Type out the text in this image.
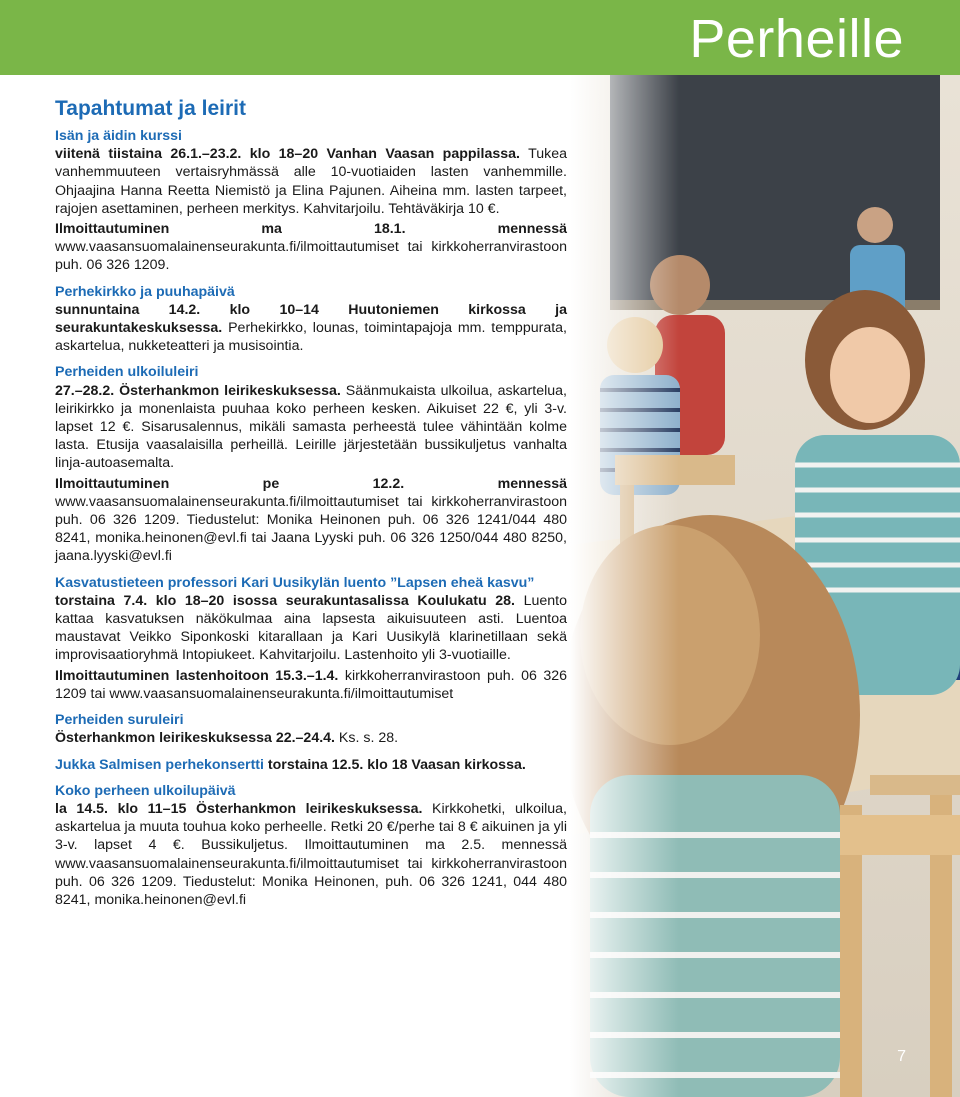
Perheille
7
Tapahtumat ja leirit

Isän ja äidin kurssi

viitenä tiistaina 26.1.–23.2. klo 18–20 Vanhan Vaasan pappilassa. Tukea vanhemmuuteen vertaisryhmässä alle 10-vuotiaiden lasten vanhemmille. Ohjaajina Hanna Reetta Niemistö ja Elina Pajunen. Aiheina mm. lasten tarpeet, rajojen asettaminen, perheen merkitys. Kahvitarjoilu. Tehtäväkirja 10 €.

Ilmoittautuminen ma 18.1. mennessä www.vaasansuomalainenseurakunta.fi/ilmoittautumiset tai kirkkoherranvirastoon puh. 06 326 1209.

Perhekirkko ja puuhapäivä

sunnuntaina 14.2. klo 10–14 Huutoniemen kirkossa ja seurakuntakeskuksessa. Perhekirkko, lounas, toimintapajoja mm. temppurata, askartelua, nukketeatteri ja musisointia.

Perheiden ulkoiluleiri

27.–28.2. Österhankmon leirikeskuksessa. Säänmukaista ulkoilua, askartelua, leirikirkko ja monenlaista puuhaa koko perheen kesken. Aikuiset 22 €, yli 3-v. lapset 12 €. Sisarusalennus, mikäli samasta perheestä tulee vähintään kolme lasta. Etusija vaasalaisilla perheillä. Leirille järjestetään bussikuljetus vanhalta linja-autoasemalta.

Ilmoittautuminen pe 12.2. mennessä www.vaasansuomalainenseurakunta.fi/ilmoittautumiset tai kirkkoherranvirastoon puh. 06 326 1209. Tiedustelut: Monika Heinonen puh. 06 326 1241/044 480 8241, monika.heinonen@evl.fi tai Jaana Lyyski puh. 06 326 1250/044 480 8250, jaana.lyyski@evl.fi

Kasvatustieteen professori Kari Uusikylän luento ”Lapsen eheä kasvu”

torstaina 7.4. klo 18–20 isossa seurakuntasalissa Koulukatu 28. Luento kattaa kasvatuksen näkökulmaa aina lapsesta aikuisuuteen asti. Luentoa maustavat Veikko Siponkoski kitarallaan ja Kari Uusikylä klarinetillaan sekä improvisaatioryhmä Intopiukeet. Kahvitarjoilu. Lastenhoito yli 3-vuotiaille.

Ilmoittautuminen lastenhoitoon 15.3.–1.4. kirkkoherranvirastoon puh. 06 326 1209 tai www.vaasansuomalainenseurakunta.fi/ilmoittautumiset

Perheiden suruleiri

Österhankmon leirikeskuksessa 22.–24.4. Ks. s. 28.

Jukka Salmisen perhekonsertti torstaina 12.5. klo 18 Vaasan kirkossa.

Koko perheen ulkoilupäivä

la 14.5. klo 11–15 Österhankmon leirikeskuksessa. Kirkkohetki, ulkoilua, askartelua ja muuta touhua koko perheelle. Retki 20 €/perhe tai 8 € aikuinen ja yli 3-v. lapset 4 €. Bussikuljetus. Ilmoittautuminen ma 2.5. mennessä www.vaasansuomalainenseurakunta.fi/ilmoittautumiset tai kirkkoherranvirastoon puh. 06 326 1209. Tiedustelut: Monika Heinonen, puh. 06 326 1241, 044 480 8241, monika.heinonen@evl.fi
